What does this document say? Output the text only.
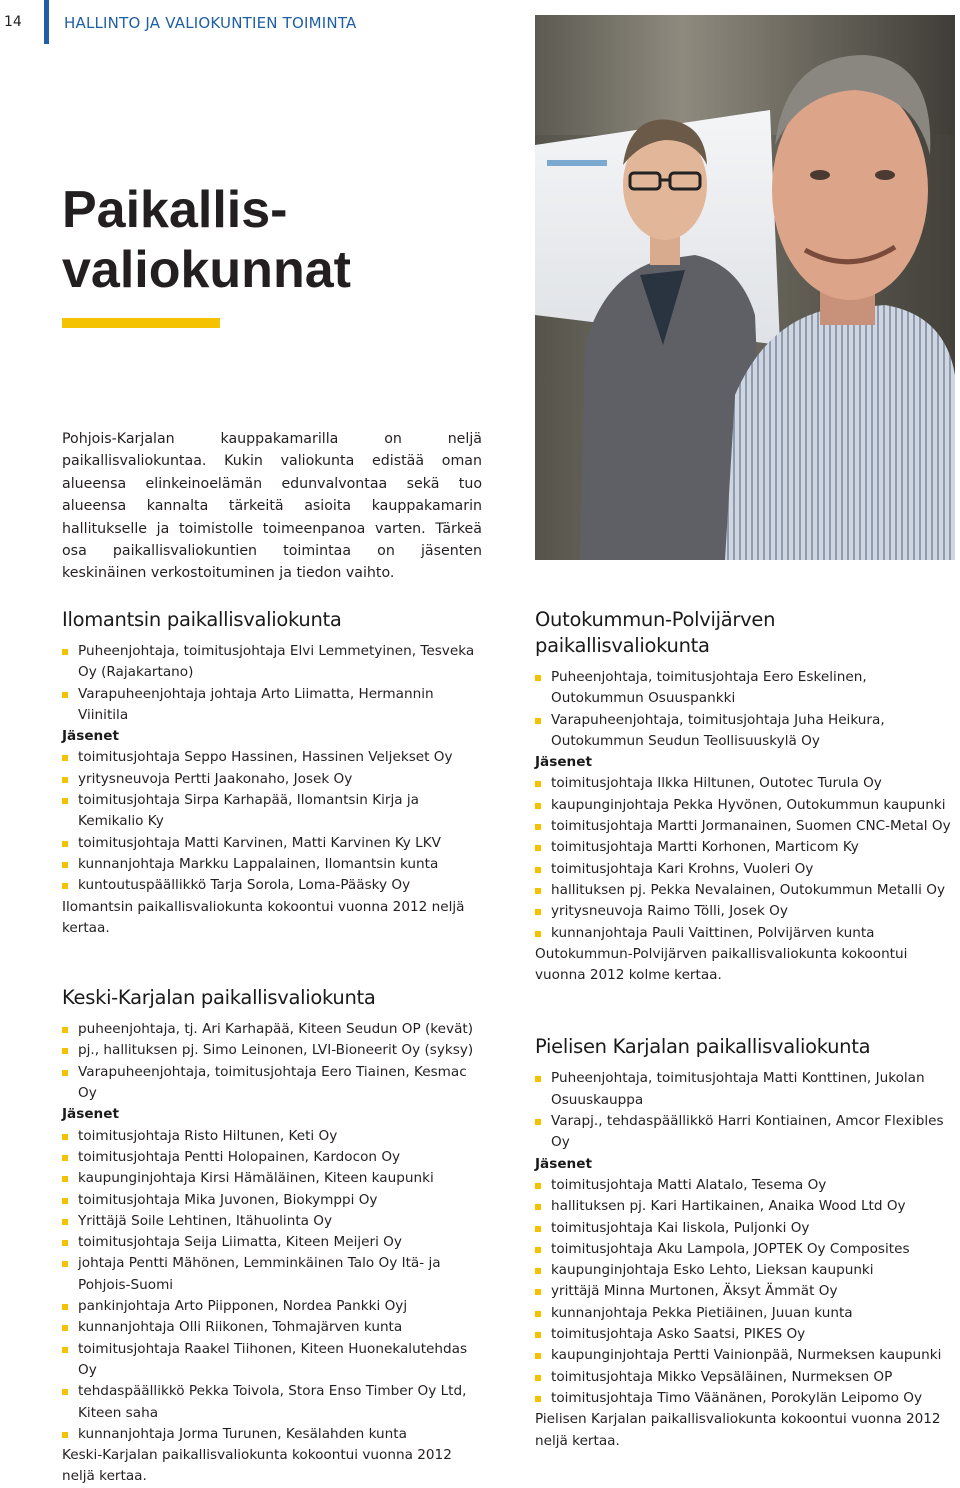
14	HALLINTO JA VALIOKUNTIEN TOIMINTA
Paikallis-
valiokunnat

Pohjois-Karjalan kauppakamarilla on neljä paikallisvaliokuntaa. Kukin valiokunta edistää oman alueensa elinkeinoelämän edunvalvontaa sekä tuo alueensa kannalta tärkeitä asioita kauppakamarin hallitukselle ja toimistolle toimeenpanoa varten. Tärkeä osa paikallisvaliokuntien toimintaa on jäsenten keskinäinen verkostoituminen ja tiedon vaihto.

Ilomantsin paikallisvaliokunta
Puheenjohtaja, toimitusjohtaja Elvi Lemmetyinen, Tesveka Oy (Rajakartano)
Varapuheenjohtaja johtaja Arto Liimatta, Hermannin Viinitila
Jäsenet
toimitusjohtaja Seppo Hassinen, Hassinen Veljekset Oy
yritysneuvoja Pertti Jaakonaho, Josek Oy
toimitusjohtaja Sirpa Karhapää, Ilomantsin Kirja ja Kemikalio Ky
toimitusjohtaja Matti Karvinen, Matti Karvinen Ky LKV
kunnanjohtaja Markku Lappalainen, Ilomantsin kunta
kuntoutuspäällikkö Tarja Sorola, Loma-Pääsky Oy

Ilomantsin paikallisvaliokunta kokoontui vuonna 2012 neljä kertaa.

Keski-Karjalan paikallisvaliokunta
puheenjohtaja, tj. Ari Karhapää, Kiteen Seudun OP (kevät)
pj., hallituksen pj. Simo Leinonen, LVI-Bioneerit Oy (syksy)
Varapuheenjohtaja, toimitusjohtaja Eero Tiainen, Kesmac Oy
Jäsenet
toimitusjohtaja Risto Hiltunen, Keti Oy
toimitusjohtaja Pentti Holopainen, Kardocon Oy
kaupunginjohtaja Kirsi Hämäläinen, Kiteen kaupunki
toimitusjohtaja Mika Juvonen, Biokymppi Oy
Yrittäjä Soile Lehtinen, Itähuolinta Oy
toimitusjohtaja Seija Liimatta, Kiteen Meijeri Oy
johtaja Pentti Mähönen, Lemminkäinen Talo Oy Itä- ja Pohjois-Suomi
pankinjohtaja Arto Piipponen, Nordea Pankki Oyj
kunnanjohtaja Olli Riikonen, Tohmajärven kunta
toimitusjohtaja Raakel Tiihonen, Kiteen Huonekalutehdas Oy
tehdaspäällikkö Pekka Toivola, Stora Enso Timber Oy Ltd, Kiteen saha
kunnanjohtaja Jorma Turunen, Kesälahden kunta

Keski-Karjalan paikallisvaliokunta kokoontui vuonna 2012 neljä kertaa.

Outokummun-Polvijärven paikallisvaliokunta
Puheenjohtaja, toimitusjohtaja Eero Eskelinen, Outokummun Osuuspankki
Varapuheenjohtaja, toimitusjohtaja Juha Heikura, Outokummun Seudun Teollisuuskylä Oy
Jäsenet
toimitusjohtaja Ilkka Hiltunen, Outotec Turula Oy
kaupunginjohtaja Pekka Hyvönen, Outokummun kaupunki
toimitusjohtaja Martti Jormanainen, Suomen CNC-Metal Oy
toimitusjohtaja Martti Korhonen, Marticom Ky
toimitusjohtaja Kari Krohns, Vuoleri Oy
hallituksen pj. Pekka Nevalainen, Outokummun Metalli Oy
yritysneuvoja Raimo Tölli, Josek Oy
kunnanjohtaja Pauli Vaittinen, Polvijärven kunta

Outokummun-Polvijärven paikallisvaliokunta kokoontui vuonna 2012 kolme kertaa.

Pielisen Karjalan paikallisvaliokunta
Puheenjohtaja, toimitusjohtaja Matti Konttinen, Jukolan Osuuskauppa
Varapj., tehdaspäällikkö Harri Kontiainen, Amcor Flexibles Oy
Jäsenet
toimitusjohtaja Matti Alatalo, Tesema Oy
hallituksen pj. Kari Hartikainen, Anaika Wood Ltd Oy
toimitusjohtaja Kai Iiskola, Puljonki Oy
toimitusjohtaja Aku Lampola, JOPTEK Oy Composites
kaupunginjohtaja Esko Lehto, Lieksan kaupunki
yrittäjä Minna Murtonen, Äksyt Ämmät Oy
kunnanjohtaja Pekka Pietiäinen, Juuan kunta
toimitusjohtaja Asko Saatsi, PIKES Oy
kaupunginjohtaja Pertti Vainionpää, Nurmeksen kaupunki
toimitusjohtaja Mikko Vepsäläinen, Nurmeksen OP
toimitusjohtaja Timo Väänänen, Porokylän Leipomo Oy

Pielisen Karjalan paikallisvaliokunta kokoontui vuonna 2012 neljä kertaa.
